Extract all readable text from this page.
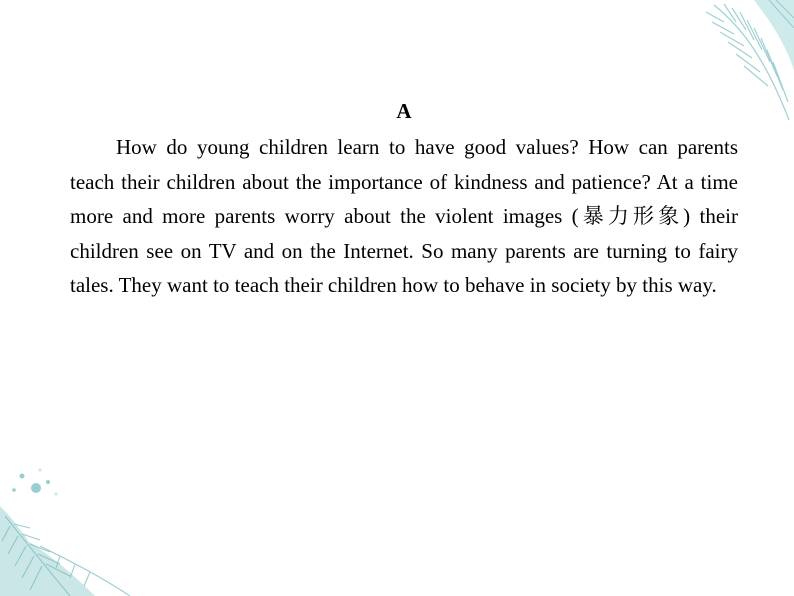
A

How do young children learn to have good values? How can parents teach their children about the importance of kindness and patience? At a time more and more parents worry about the violent images (暴力形象) their children see on TV and on the Internet. So many parents are turning to fairy tales. They want to teach their children how to behave in society by this way.
